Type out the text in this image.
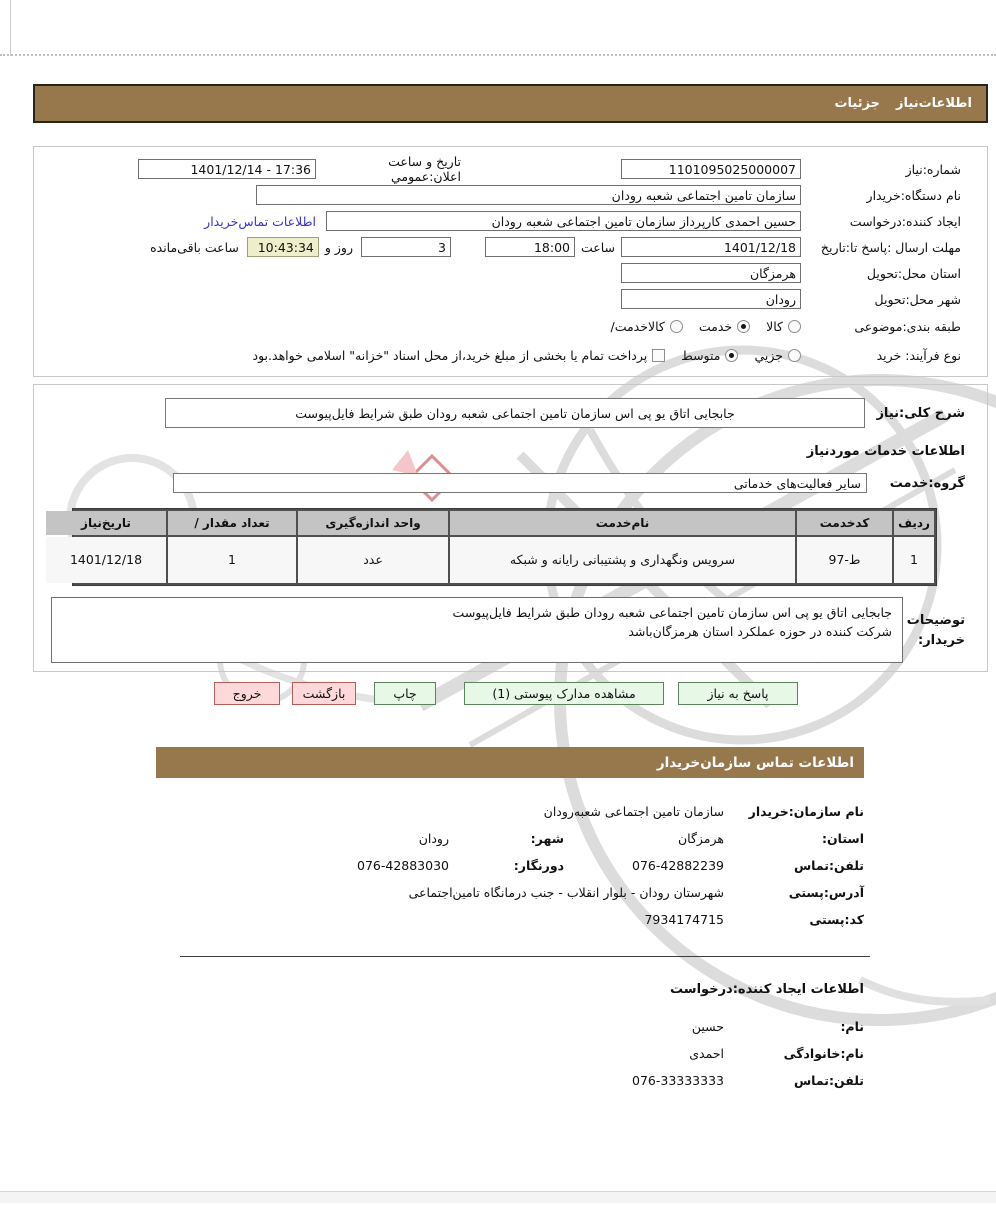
اطلاعات‌نیاز
جزئیات
شماره:نیاز
1101095025000007
تاریخ و ساعت اعلان:عمومي
1401/12/14 - 17:36
نام دستگاه:خریدار
سازمان تامین اجتماعی شعبه رودان
ایجاد کننده:درخواست
حسین احمدی کارپرداز سازمان تامین اجتماعی شعبه رودان
اطلاعات تماس‌خریدار
مهلت ارسال :پاسخ تا:تاریخ
1401/12/18
ساعت
18:00
3
روز و
10:43:34
ساعت باقی‌مانده
استان محل:تحویل
هرمزگان
شهر محل:تحویل
رودان
طبقه بندی:موضوعی
کالا
خدمت
کالاخدمت/
نوع فرآیند: خرید
جزیي
متوسط
پرداخت تمام یا بخشی از مبلغ خرید،از محل اسناد "خزانه" اسلامی خواهد.بود
شرح کلی:نیاز
جابجایی اتاق یو پی اس سازمان تامین اجتماعی شعبه رودان طبق شرایط فایل‌پیوست
اطلاعات خدمات موردنیاز
گروه:خدمت
سایر فعالیت‌های خدماتی
ردیف
کدخدمت
نام‌خدمت
واحد اندازه‌گیری
تعداد مقدار /
تاریخ‌نیاز
1
ط-97
سرویس ونگهداری و پشتیبانی رایانه و شبکه
عدد
1
1401/12/18
توضیحات
خریدار:
جابجایی اتاق یو پی اس سازمان تامین اجتماعی شعبه رودان طبق شرایط فایل‌پیوست
شرکت کننده در حوزه عملکرد استان هرمزگان‌باشد
پاسخ به نیاز
مشاهده مدارک پیوستی (1)
چاپ
بازگشت
خروج
اطلاعات تماس سازمان‌خریدار
نام سازمان:خریدار
سازمان تامین اجتماعی شعبه‌رودان
استان:
هرمزگان
شهر:
رودان
تلفن:تماس
076-42882239
دورنگار:
076-42883030
آدرس:پستی
شهرستان رودان - بلوار انقلاب - جنب درمانگاه تامین‌اجتماعی
کد:پستی
7934174715
اطلاعات ایجاد کننده:درخواست
نام:
حسین
نام:خانوادگی
احمدی
تلفن:تماس
076-33333333
